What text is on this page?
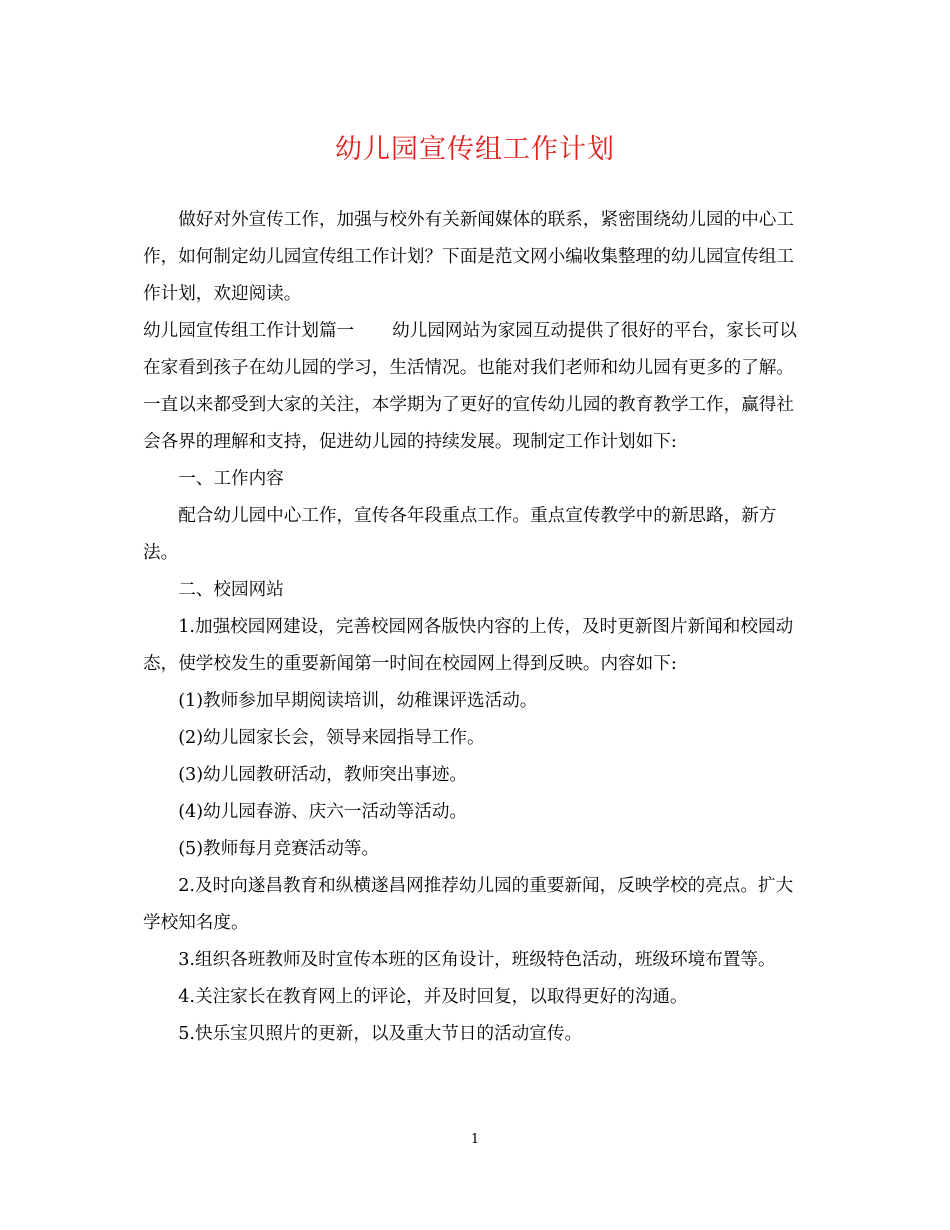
幼儿园宣传组工作计划

做好对外宣传工作，加强与校外有关新闻媒体的联系，紧密围绕幼儿园的中心工作，如何制定幼儿园宣传组工作计划？下面是范文网小编收集整理的幼儿园宣传组工作计划，欢迎阅读。

幼儿园宣传组工作计划篇一 幼儿园网站为家园互动提供了很好的平台，家长可以在家看到孩子在幼儿园的学习，生活情况。也能对我们老师和幼儿园有更多的了解。一直以来都受到大家的关注，本学期为了更好的宣传幼儿园的教育教学工作，赢得社会各界的理解和支持，促进幼儿园的持续发展。现制定工作计划如下:

一、工作内容

配合幼儿园中心工作，宣传各年段重点工作。重点宣传教学中的新思路，新方法。

二、校园网站

1.加强校园网建设，完善校园网各版快内容的上传，及时更新图片新闻和校园动态，使学校发生的重要新闻第一时间在校园网上得到反映。内容如下:

(1)教师参加早期阅读培训，幼稚课评选活动。

(2)幼儿园家长会，领导来园指导工作。

(3)幼儿园教研活动，教师突出事迹。

(4)幼儿园春游、庆六一活动等活动。

(5)教师每月竞赛活动等。

2.及时向遂昌教育和纵横遂昌网推荐幼儿园的重要新闻，反映学校的亮点。扩大学校知名度。

3.组织各班教师及时宣传本班的区角设计，班级特色活动，班级环境布置等。

4.关注家长在教育网上的评论，并及时回复，以取得更好的沟通。

5.快乐宝贝照片的更新，以及重大节日的活动宣传。

1
